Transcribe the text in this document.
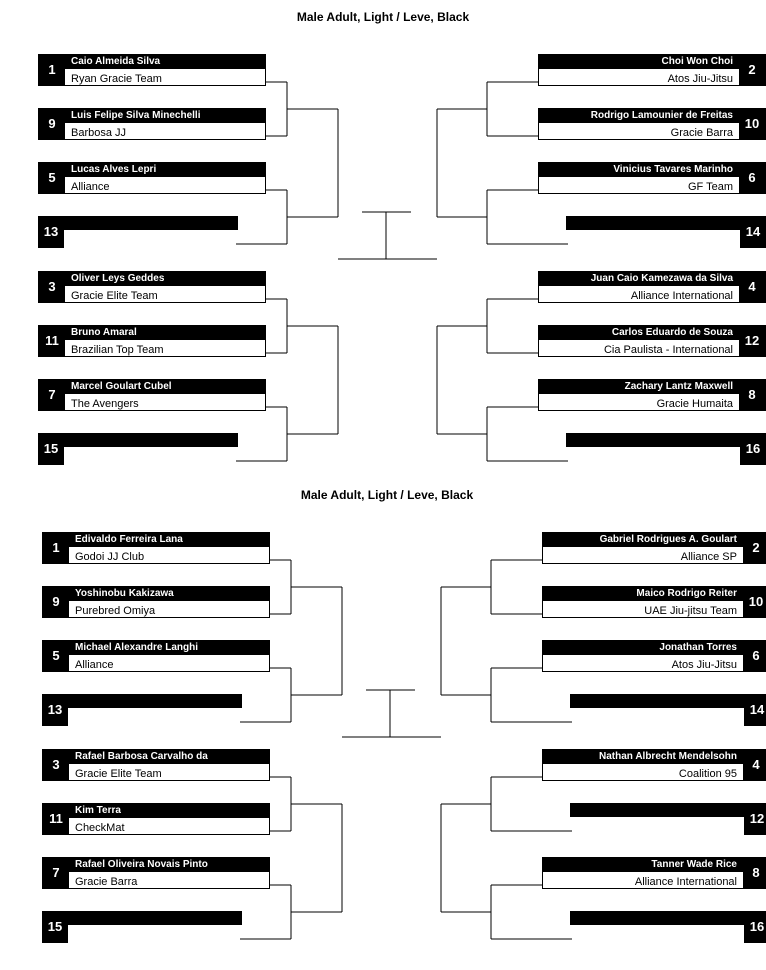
Male Adult, Light / Leve, Black
Caio Almeida Silva
Ryan Gracie Team
1
Luis Felipe Silva Minechelli
Barbosa JJ
9
Lucas Alves Lepri
Alliance
5
13
Oliver Leys Geddes
Gracie Elite Team
3
Bruno Amaral
Brazilian Top Team
11
Marcel Goulart Cubel
The Avengers
7
15
Choi Won Choi
Atos Jiu-Jitsu
2
Rodrigo Lamounier de Freitas
Gracie Barra
10
Vinicius Tavares Marinho
GF Team
6
14
Juan Caio Kamezawa da Silva
Alliance International
4
Carlos Eduardo de Souza
Cia Paulista - International
12
Zachary Lantz Maxwell
Gracie Humaita
8
16
Male Adult, Light / Leve, Black
Edivaldo Ferreira Lana
Godoi JJ Club
1
Yoshinobu Kakizawa
Purebred Omiya
9
Michael Alexandre Langhi
Alliance
5
13
Rafael Barbosa Carvalho da
Gracie Elite Team
3
Kim Terra
CheckMat
11
Rafael Oliveira Novais Pinto
Gracie Barra
7
15
Gabriel Rodrigues A. Goulart
Alliance SP
2
Maico Rodrigo Reiter
UAE Jiu-jitsu Team
10
Jonathan Torres
Atos Jiu-Jitsu
6
14
Nathan Albrecht Mendelsohn
Coalition 95
4
12
Tanner Wade Rice
Alliance International
8
16
